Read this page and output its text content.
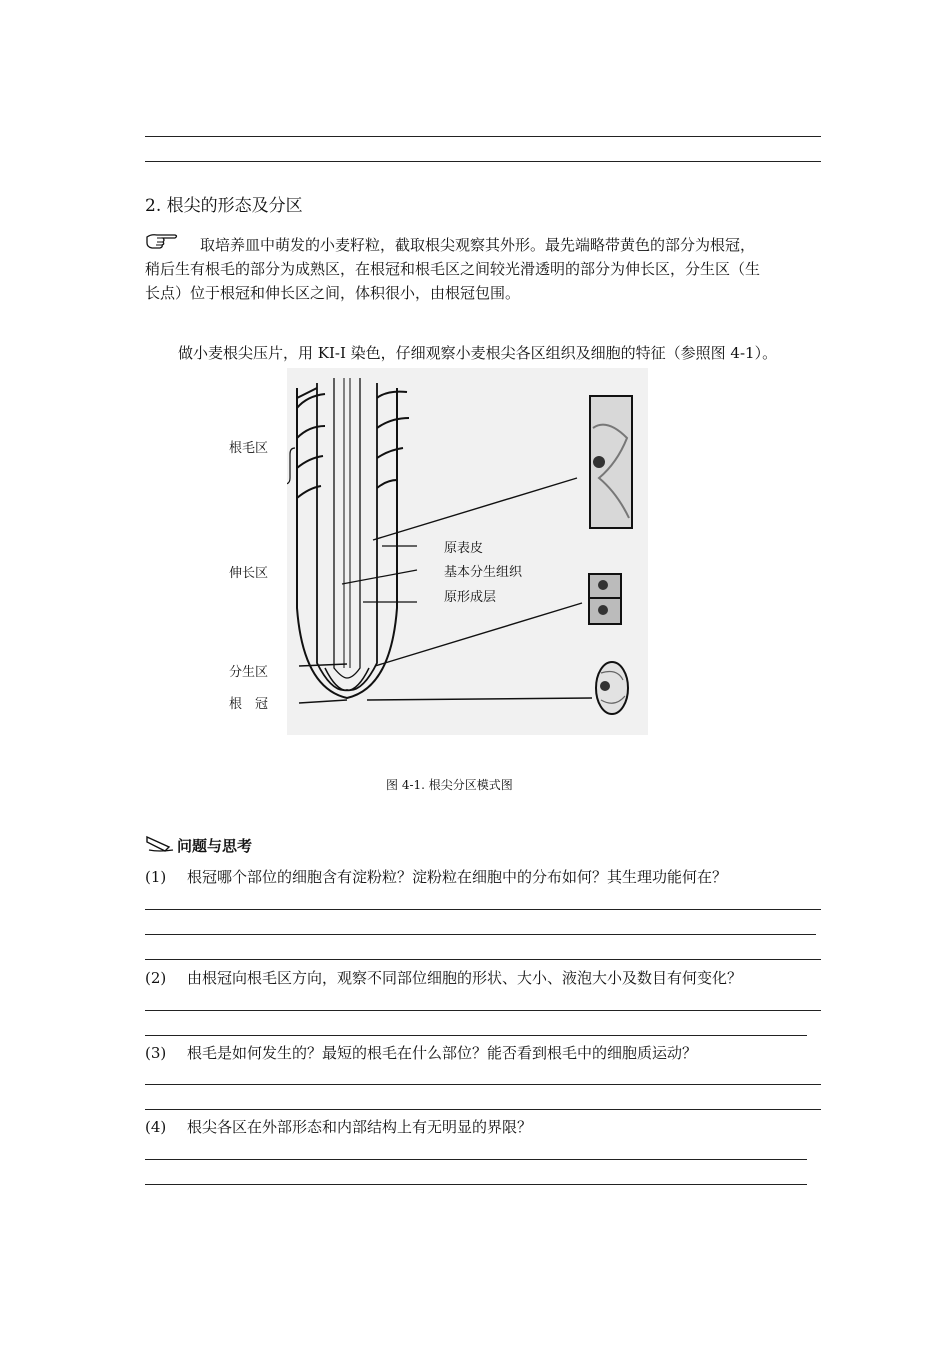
2. 根尖的形态及分区
取培养皿中萌发的小麦籽粒，截取根尖观察其外形。最先端略带黄色的部分为根冠，
稍后生有根毛的部分为成熟区，在根冠和根毛区之间较光滑透明的部分为伸长区，分生区（生
长点）位于根冠和伸长区之间，体积很小，由根冠包围。
做小麦根尖压片，用 KI-I 染色，仔细观察小麦根尖各区组织及细胞的特征（参照图 4-1）。
根毛区
伸长区
分生区
根　冠
原表皮
基本分生组织
原形成层
图 4-1. 根尖分区模式图
问题与思考
(1) 根冠哪个部位的细胞含有淀粉粒？淀粉粒在细胞中的分布如何？其生理功能何在？
(2) 由根冠向根毛区方向，观察不同部位细胞的形状、大小、液泡大小及数目有何变化？
(3) 根毛是如何发生的？最短的根毛在什么部位？能否看到根毛中的细胞质运动？
(4) 根尖各区在外部形态和内部结构上有无明显的界限？
